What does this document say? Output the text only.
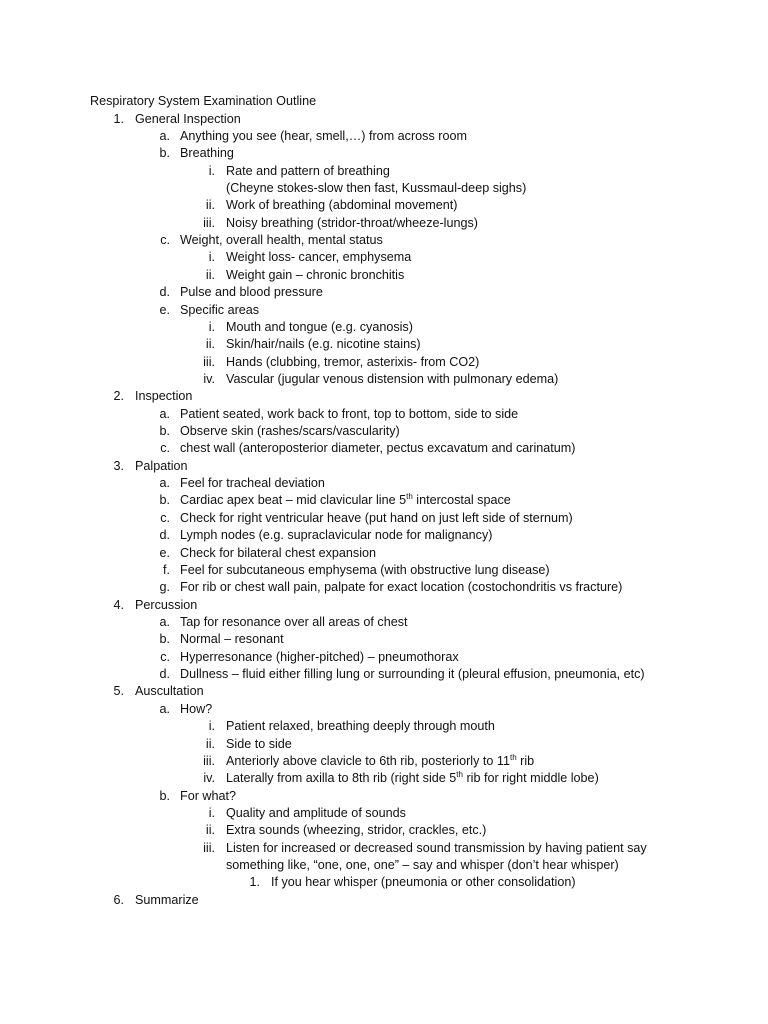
Respiratory System Examination Outline
1. General Inspection
a. Anything you see (hear, smell,…) from across room
b. Breathing
i. Rate and pattern of breathing
(Cheyne stokes-slow then fast, Kussmaul-deep sighs)
ii. Work of breathing (abdominal movement)
iii. Noisy breathing (stridor-throat/wheeze-lungs)
c. Weight, overall health, mental status
i. Weight loss- cancer, emphysema
ii. Weight gain – chronic bronchitis
d. Pulse and blood pressure
e. Specific areas
i. Mouth and tongue (e.g. cyanosis)
ii. Skin/hair/nails (e.g. nicotine stains)
iii. Hands (clubbing, tremor, asterixis- from CO2)
iv. Vascular (jugular venous distension with pulmonary edema)
2. Inspection
a. Patient seated, work back to front, top to bottom, side to side
b. Observe skin (rashes/scars/vascularity)
c. chest wall (anteroposterior diameter, pectus excavatum and carinatum)
3. Palpation
a. Feel for tracheal deviation
b. Cardiac apex beat – mid clavicular line 5th intercostal space
c. Check for right ventricular heave (put hand on just left side of sternum)
d. Lymph nodes (e.g. supraclavicular node for malignancy)
e. Check for bilateral chest expansion
f. Feel for subcutaneous emphysema (with obstructive lung disease)
g. For rib or chest wall pain, palpate for exact location (costochondritis vs fracture)
4. Percussion
a. Tap for resonance over all areas of chest
b. Normal – resonant
c. Hyperresonance (higher-pitched) – pneumothorax
d. Dullness – fluid either filling lung or surrounding it (pleural effusion, pneumonia, etc)
5. Auscultation
a. How?
i. Patient relaxed, breathing deeply through mouth
ii. Side to side
iii. Anteriorly above clavicle to 6th rib, posteriorly to 11th rib
iv. Laterally from axilla to 8th rib (right side 5th rib for right middle lobe)
b. For what?
i. Quality and amplitude of sounds
ii. Extra sounds (wheezing, stridor, crackles, etc.)
iii. Listen for increased or decreased sound transmission by having patient say
something like, “one, one, one” – say and whisper (don’t hear whisper)
1. If you hear whisper (pneumonia or other consolidation)
6. Summarize
